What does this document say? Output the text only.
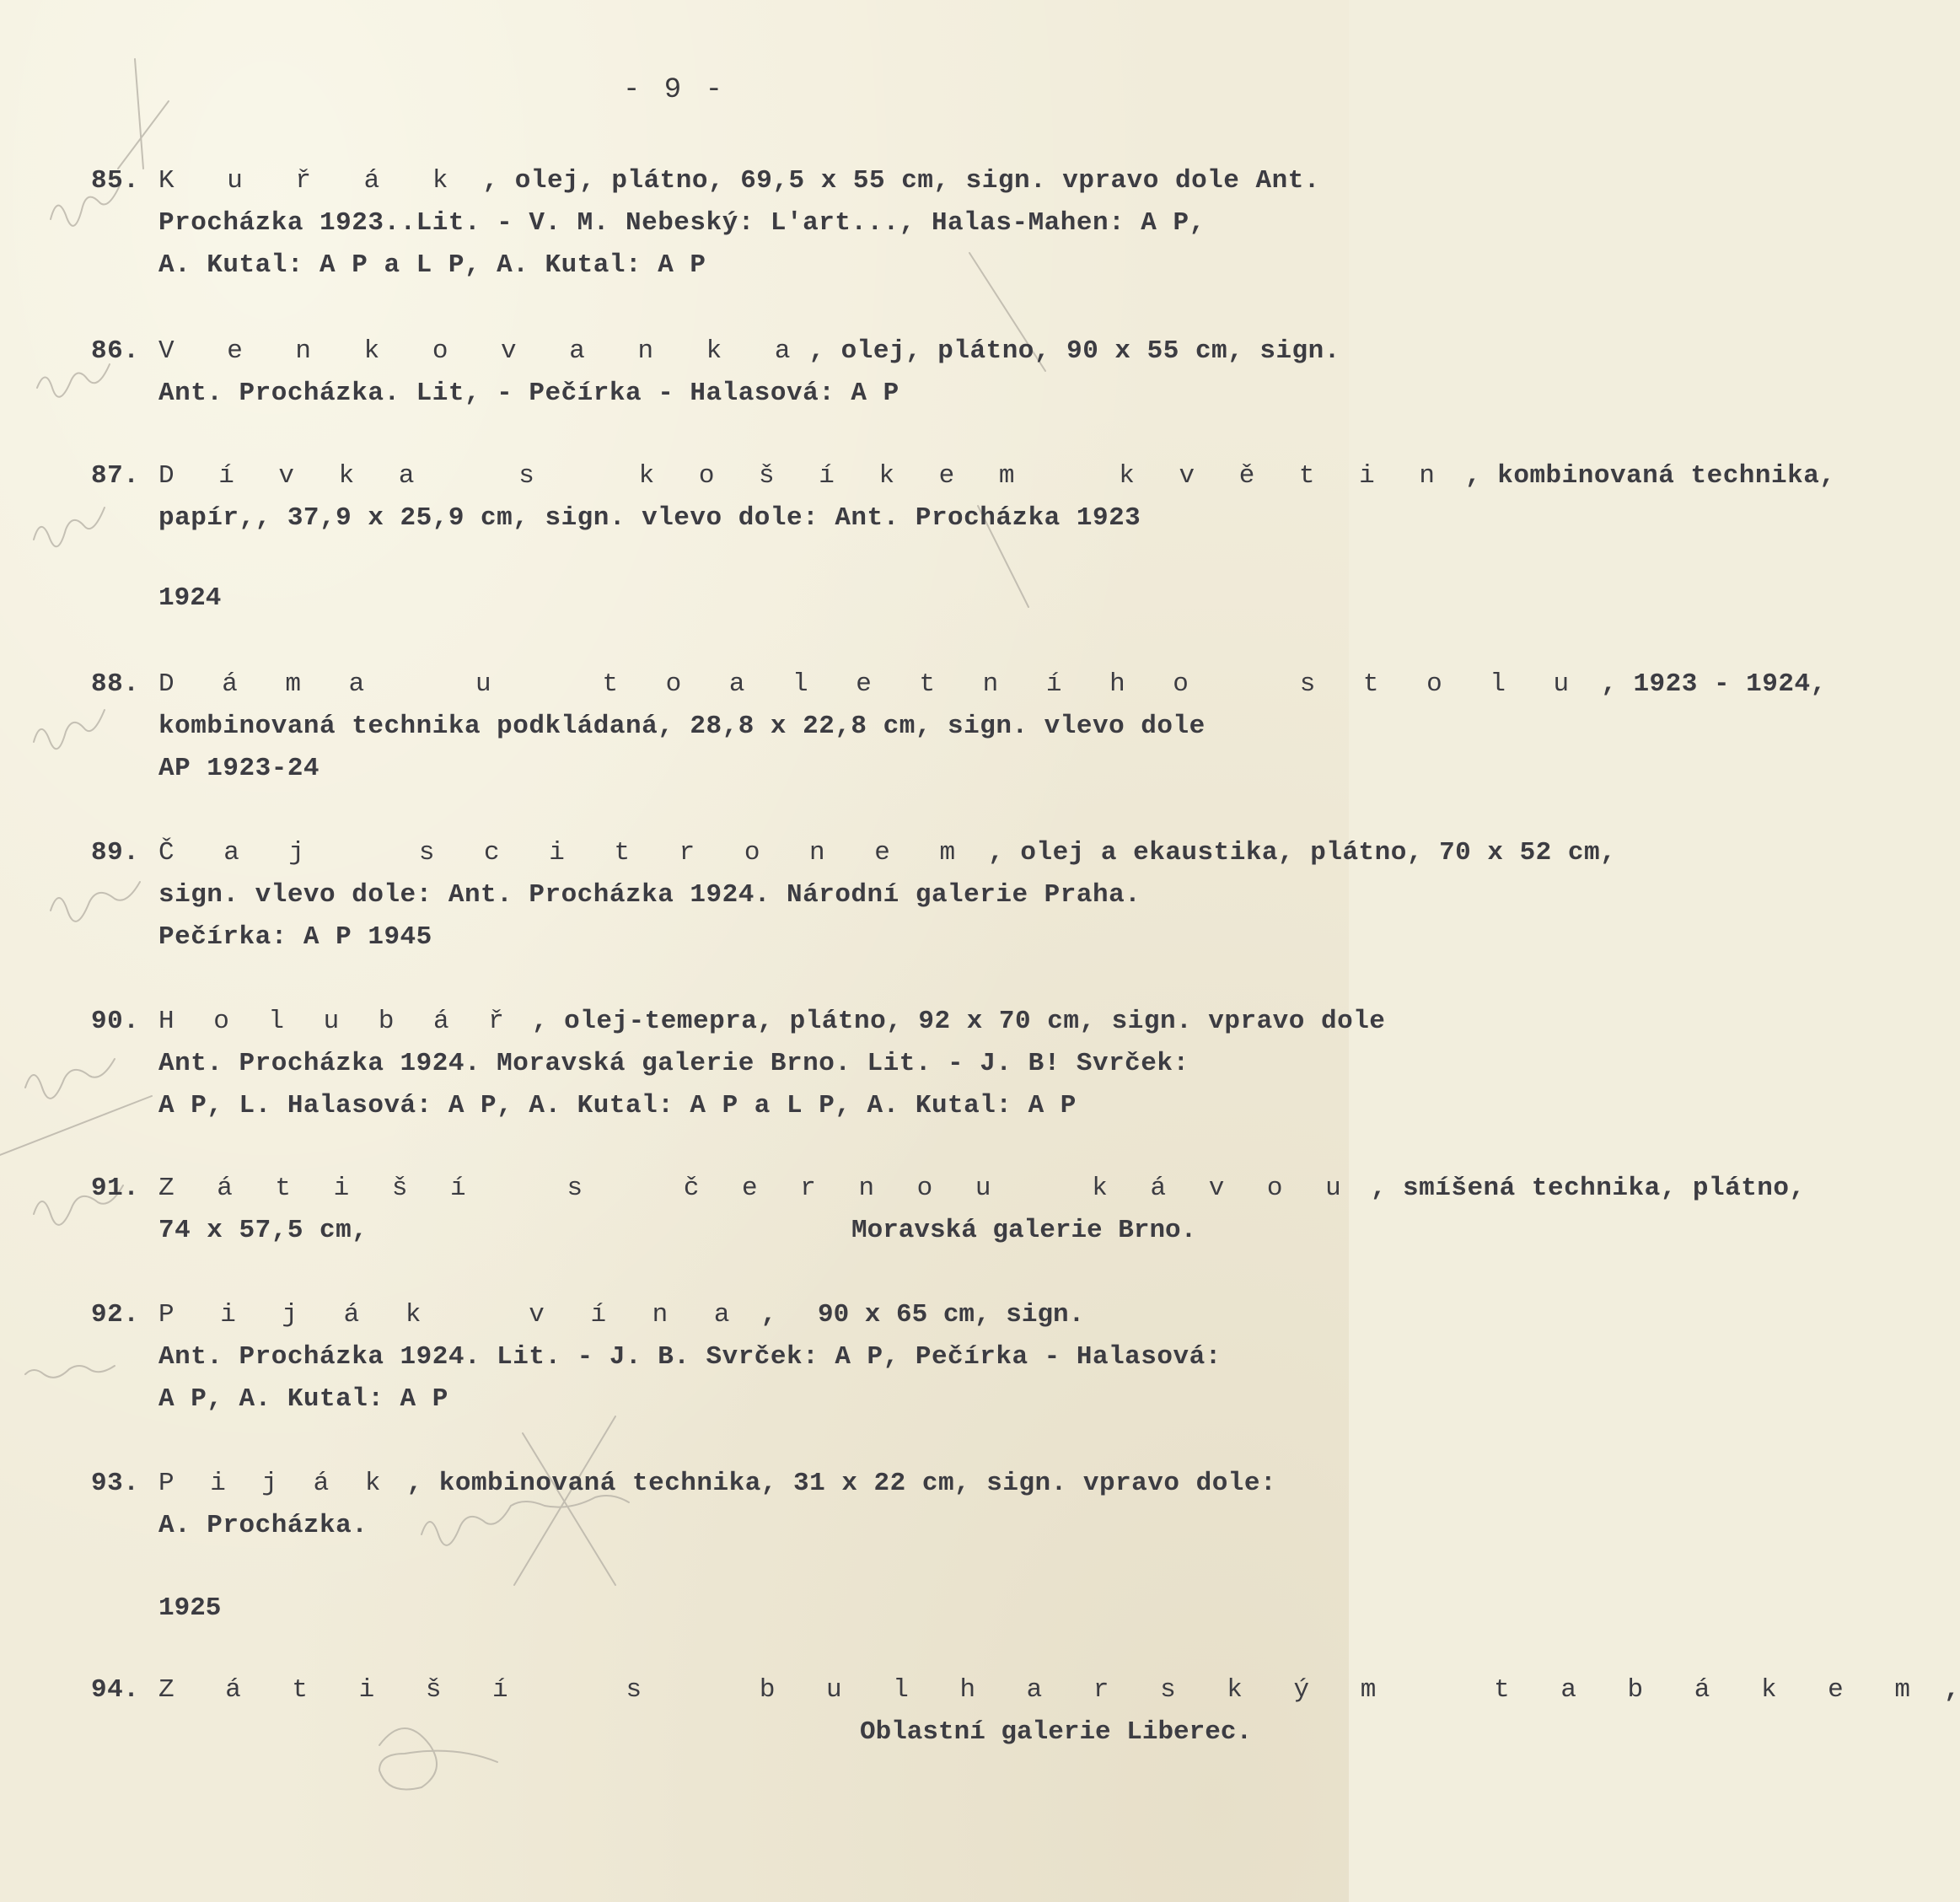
- 9 -
85. K u ř á k , olej, plátno, 69,5 x 55 cm, sign. vpravo dole Ant.
Procházka 1923..Lit. - V. M. Nebeský: L'art..., Halas-Mahen: A P,
A. Kutal: A P a L P, A. Kutal: A P
86. V e n k o v a n k a, olej, plátno, 90 x 55 cm, sign.
Ant. Procházka. Lit, - Pečírka - Halasová: A P
87. D í v k a   s   k o š í k e m   k v ě t i n , kombinovaná technika,
papír,, 37,9 x 25,9 cm, sign. vlevo dole: Ant. Procházka 1923
1924
88. D á m a   u   t o a l e t n í h o   s t o l u , 1923 - 1924,
kombinovaná technika podkládaná, 28,8 x 22,8 cm, sign. vlevo dole
AP 1923-24
89. Č a j   s c i t r o n e m , olej a ekaustika, plátno, 70 x 52 cm,
sign. vlevo dole: Ant. Procházka 1924. Národní galerie Praha.
Pečírka: A P 1945
90. H o l u b á ř , olej-temepra, plátno, 92 x 70 cm, sign. vpravo dole
Ant. Procházka 1924. Moravská galerie Brno. Lit. - J. B! Svrček:
A P, L. Halasová: A P, A. Kutal: A P a L P, A. Kutal: A P
91. Z á t i š í   s   č e r n o u   k á v o u , smíšená technika, plátno,
74 x 57,5 cm,	Moravská galerie Brno.
92. P i j á k   v í n a , 90 x 65 cm, sign.
Ant. Procházka 1924. Lit. - J. B. Svrček: A P, Pečírka - Halasová:
A P, A. Kutal: A P
93. P i j á k , kombinovaná technika, 31 x 22 cm, sign. vpravo dole:
A. Procházka.
1925
94. Z á t i š í   s   b u l h a r s k ý m   t a b á k e m ,
Oblastní galerie Liberec.
